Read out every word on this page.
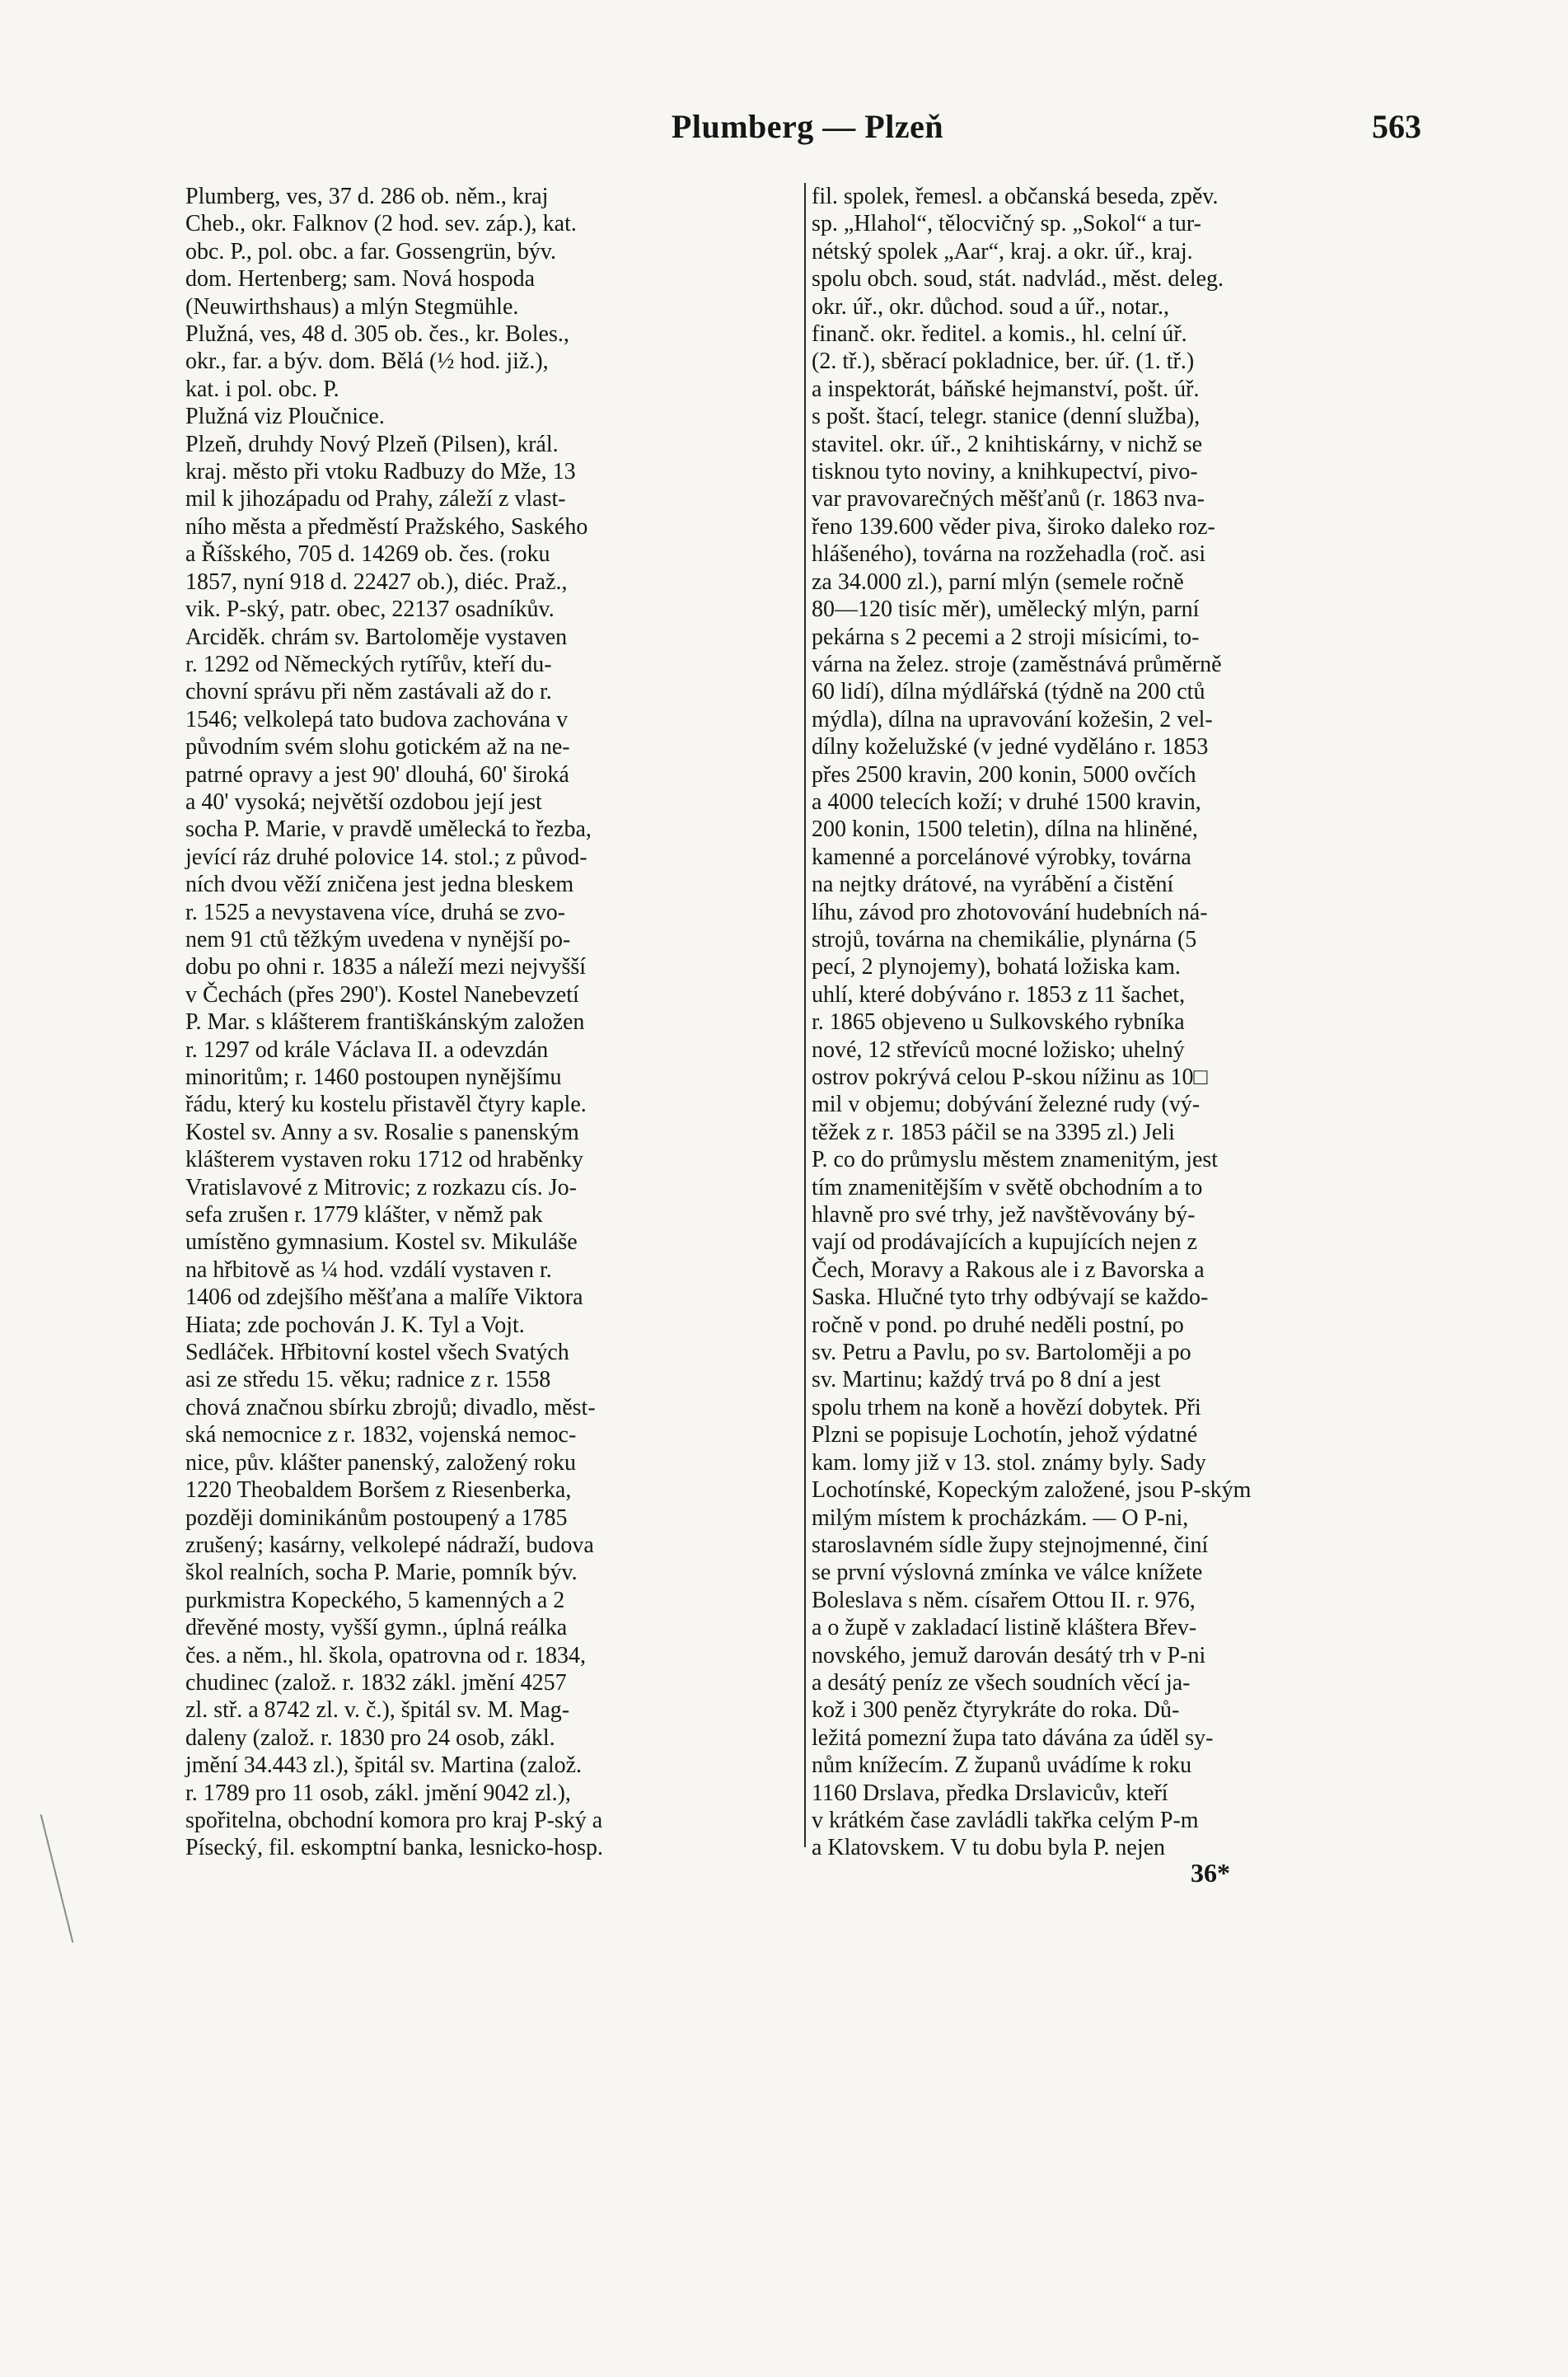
Plumberg — Plzeň	563
Plumberg, ves, 37 d. 286 ob. něm., kraj
Cheb., okr. Falknov (2 hod. sev. záp.), kat.
obc. P., pol. obc. a far. Gossengrün, býv.
dom. Hertenberg; sam. Nová hospoda
(Neuwirthshaus) a mlýn Stegmühle.
Plužná, ves, 48 d. 305 ob. čes., kr. Boles.,
okr., far. a býv. dom. Bělá (½ hod. již.),
kat. i pol. obc. P.
Plužná viz Ploučnice.
Plzeň, druhdy Nový Plzeň (Pilsen), král.
kraj. město při vtoku Radbuzy do Mže, 13
mil k jihozápadu od Prahy, záleží z vlast-
ního města a předměstí Pražského, Saského
a Říšského, 705 d. 14269 ob. čes. (roku
1857, nyní 918 d. 22427 ob.), diéc. Praž.,
vik. P-ský, patr. obec, 22137 osadníkův.
Arciděk. chrám sv. Bartoloměje vystaven
r. 1292 od Německých rytířův, kteří du-
chovní správu při něm zastávali až do r.
1546; velkolepá tato budova zachována v
původním svém slohu gotickém až na ne-
patrné opravy a jest 90' dlouhá, 60' široká
a 40' vysoká; největší ozdobou její jest
socha P. Marie, v pravdě umělecká to řezba,
jevící ráz druhé polovice 14. stol.; z původ-
ních dvou věží zničena jest jedna bleskem
r. 1525 a nevystavena více, druhá se zvo-
nem 91 ctů těžkým uvedena v nynější po-
dobu po ohni r. 1835 a náleží mezi nejvyšší
v Čechách (přes 290'). Kostel Nanebevzetí
P. Mar. s klášterem františkánským založen
r. 1297 od krále Václava II. a odevzdán
minoritům; r. 1460 postoupen nynějšímu
řádu, který ku kostelu přistavěl čtyry kaple.
Kostel sv. Anny a sv. Rosalie s panenským
klášterem vystaven roku 1712 od hraběnky
Vratislavové z Mitrovic; z rozkazu cís. Jo-
sefa zrušen r. 1779 klášter, v němž pak
umístěno gymnasium. Kostel sv. Mikuláše
na hřbitově as ¼ hod. vzdálí vystaven r.
1406 od zdejšího měšťana a malíře Viktora
Hiata; zde pochován J. K. Tyl a Vojt.
Sedláček. Hřbitovní kostel všech Svatých
asi ze středu 15. věku; radnice z r. 1558
chová značnou sbírku zbrojů; divadlo, měst-
ská nemocnice z r. 1832, vojenská nemoc-
nice, pův. klášter panenský, založený roku
1220 Theobaldem Boršem z Riesenberka,
později dominikánům postoupený a 1785
zrušený; kasárny, velkolepé nádraží, budova
škol realních, socha P. Marie, pomník býv.
purkmistra Kopeckého, 5 kamenných a 2
dřevěné mosty, vyšší gymn., úplná reálka
čes. a něm., hl. škola, opatrovna od r. 1834,
chudinec (založ. r. 1832 zákl. jmění 4257
zl. stř. a 8742 zl. v. č.), špitál sv. M. Mag-
daleny (založ. r. 1830 pro 24 osob, zákl.
jmění 34.443 zl.), špitál sv. Martina (založ.
r. 1789 pro 11 osob, zákl. jmění 9042 zl.),
spořitelna, obchodní komora pro kraj P-ský a
Písecký, fil. eskomptní banka, lesnicko-hosp.
fil. spolek, řemesl. a občanská beseda, zpěv.
sp. „Hlahol“, tělocvičný sp. „Sokol“ a tur-
nétský spolek „Aar“, kraj. a okr. úř., kraj.
spolu obch. soud, stát. nadvlád., měst. deleg.
okr. úř., okr. důchod. soud a úř., notar.,
finanč. okr. ředitel. a komis., hl. celní úř.
(2. tř.), sběrací pokladnice, ber. úř. (1. tř.)
a inspektorát, báňské hejmanství, pošt. úř.
s pošt. štací, telegr. stanice (denní služba),
stavitel. okr. úř., 2 knihtiskárny, v nichž se
tisknou tyto noviny, a knihkupectví, pivo-
var pravovarečných měšťanů (r. 1863 nva-
řeno 139.600 věder piva, široko daleko roz-
hlášeného), továrna na rozžehadla (roč. asi
za 34.000 zl.), parní mlýn (semele ročně
80—120 tisíc měr), umělecký mlýn, parní
pekárna s 2 pecemi a 2 stroji mísicími, to-
várna na želez. stroje (zaměstnává průměrně
60 lidí), dílna mýdlářská (týdně na 200 ctů
mýdla), dílna na upravování kožešin, 2 vel-
dílny koželužské (v jedné vyděláno r. 1853
přes 2500 kravin, 200 konin, 5000 ovčích
a 4000 telecích koží; v druhé 1500 kravin,
200 konin, 1500 teletin), dílna na hliněné,
kamenné a porcelánové výrobky, továrna
na nejtky drátové, na vyrábění a čistění
líhu, závod pro zhotovování hudebních ná-
strojů, továrna na chemikálie, plynárna (5
pecí, 2 plynojemy), bohatá ložiska kam.
uhlí, které dobýváno r. 1853 z 11 šachet,
r. 1865 objeveno u Sulkovského rybníka
nové, 12 střevíců mocné ložisko; uhelný
ostrov pokrývá celou P-skou nížinu as 10□
mil v objemu; dobývání železné rudy (vý-
těžek z r. 1853 páčil se na 3395 zl.) Jeli
P. co do průmyslu městem znamenitým, jest
tím znamenitějším v světě obchodním a to
hlavně pro své trhy, jež navštěvovány bý-
vají od prodávajících a kupujících nejen z
Čech, Moravy a Rakous ale i z Bavorska a
Saska. Hlučné tyto trhy odbývají se každo-
ročně v pond. po druhé neděli postní, po
sv. Petru a Pavlu, po sv. Bartoloměji a po
sv. Martinu; každý trvá po 8 dní a jest
spolu trhem na koně a hovězí dobytek. Při
Plzni se popisuje Lochotín, jehož výdatné
kam. lomy již v 13. stol. známy byly. Sady
Lochotínské, Kopeckým založené, jsou P-ským
milým místem k procházkám. — O P-ni,
staroslavném sídle župy stejnojmenné, činí
se první výslovná zmínka ve válce knížete
Boleslava s něm. císařem Ottou II. r. 976,
a o župě v zakladací listině kláštera Břev-
novského, jemuž darován desátý trh v P-ni
a desátý peníz ze všech soudních věcí ja-
kož i 300 peněz čtyrykráte do roka. Dů-
ležitá pomezní župa tato dávána za úděl sy-
nům knížecím. Z županů uvádíme k roku
1160 Drslava, předka Drslavicův, kteří
v krátkém čase zavládli takřka celým P-m
a Klatovskem. V tu dobu byla P. nejen
36*
